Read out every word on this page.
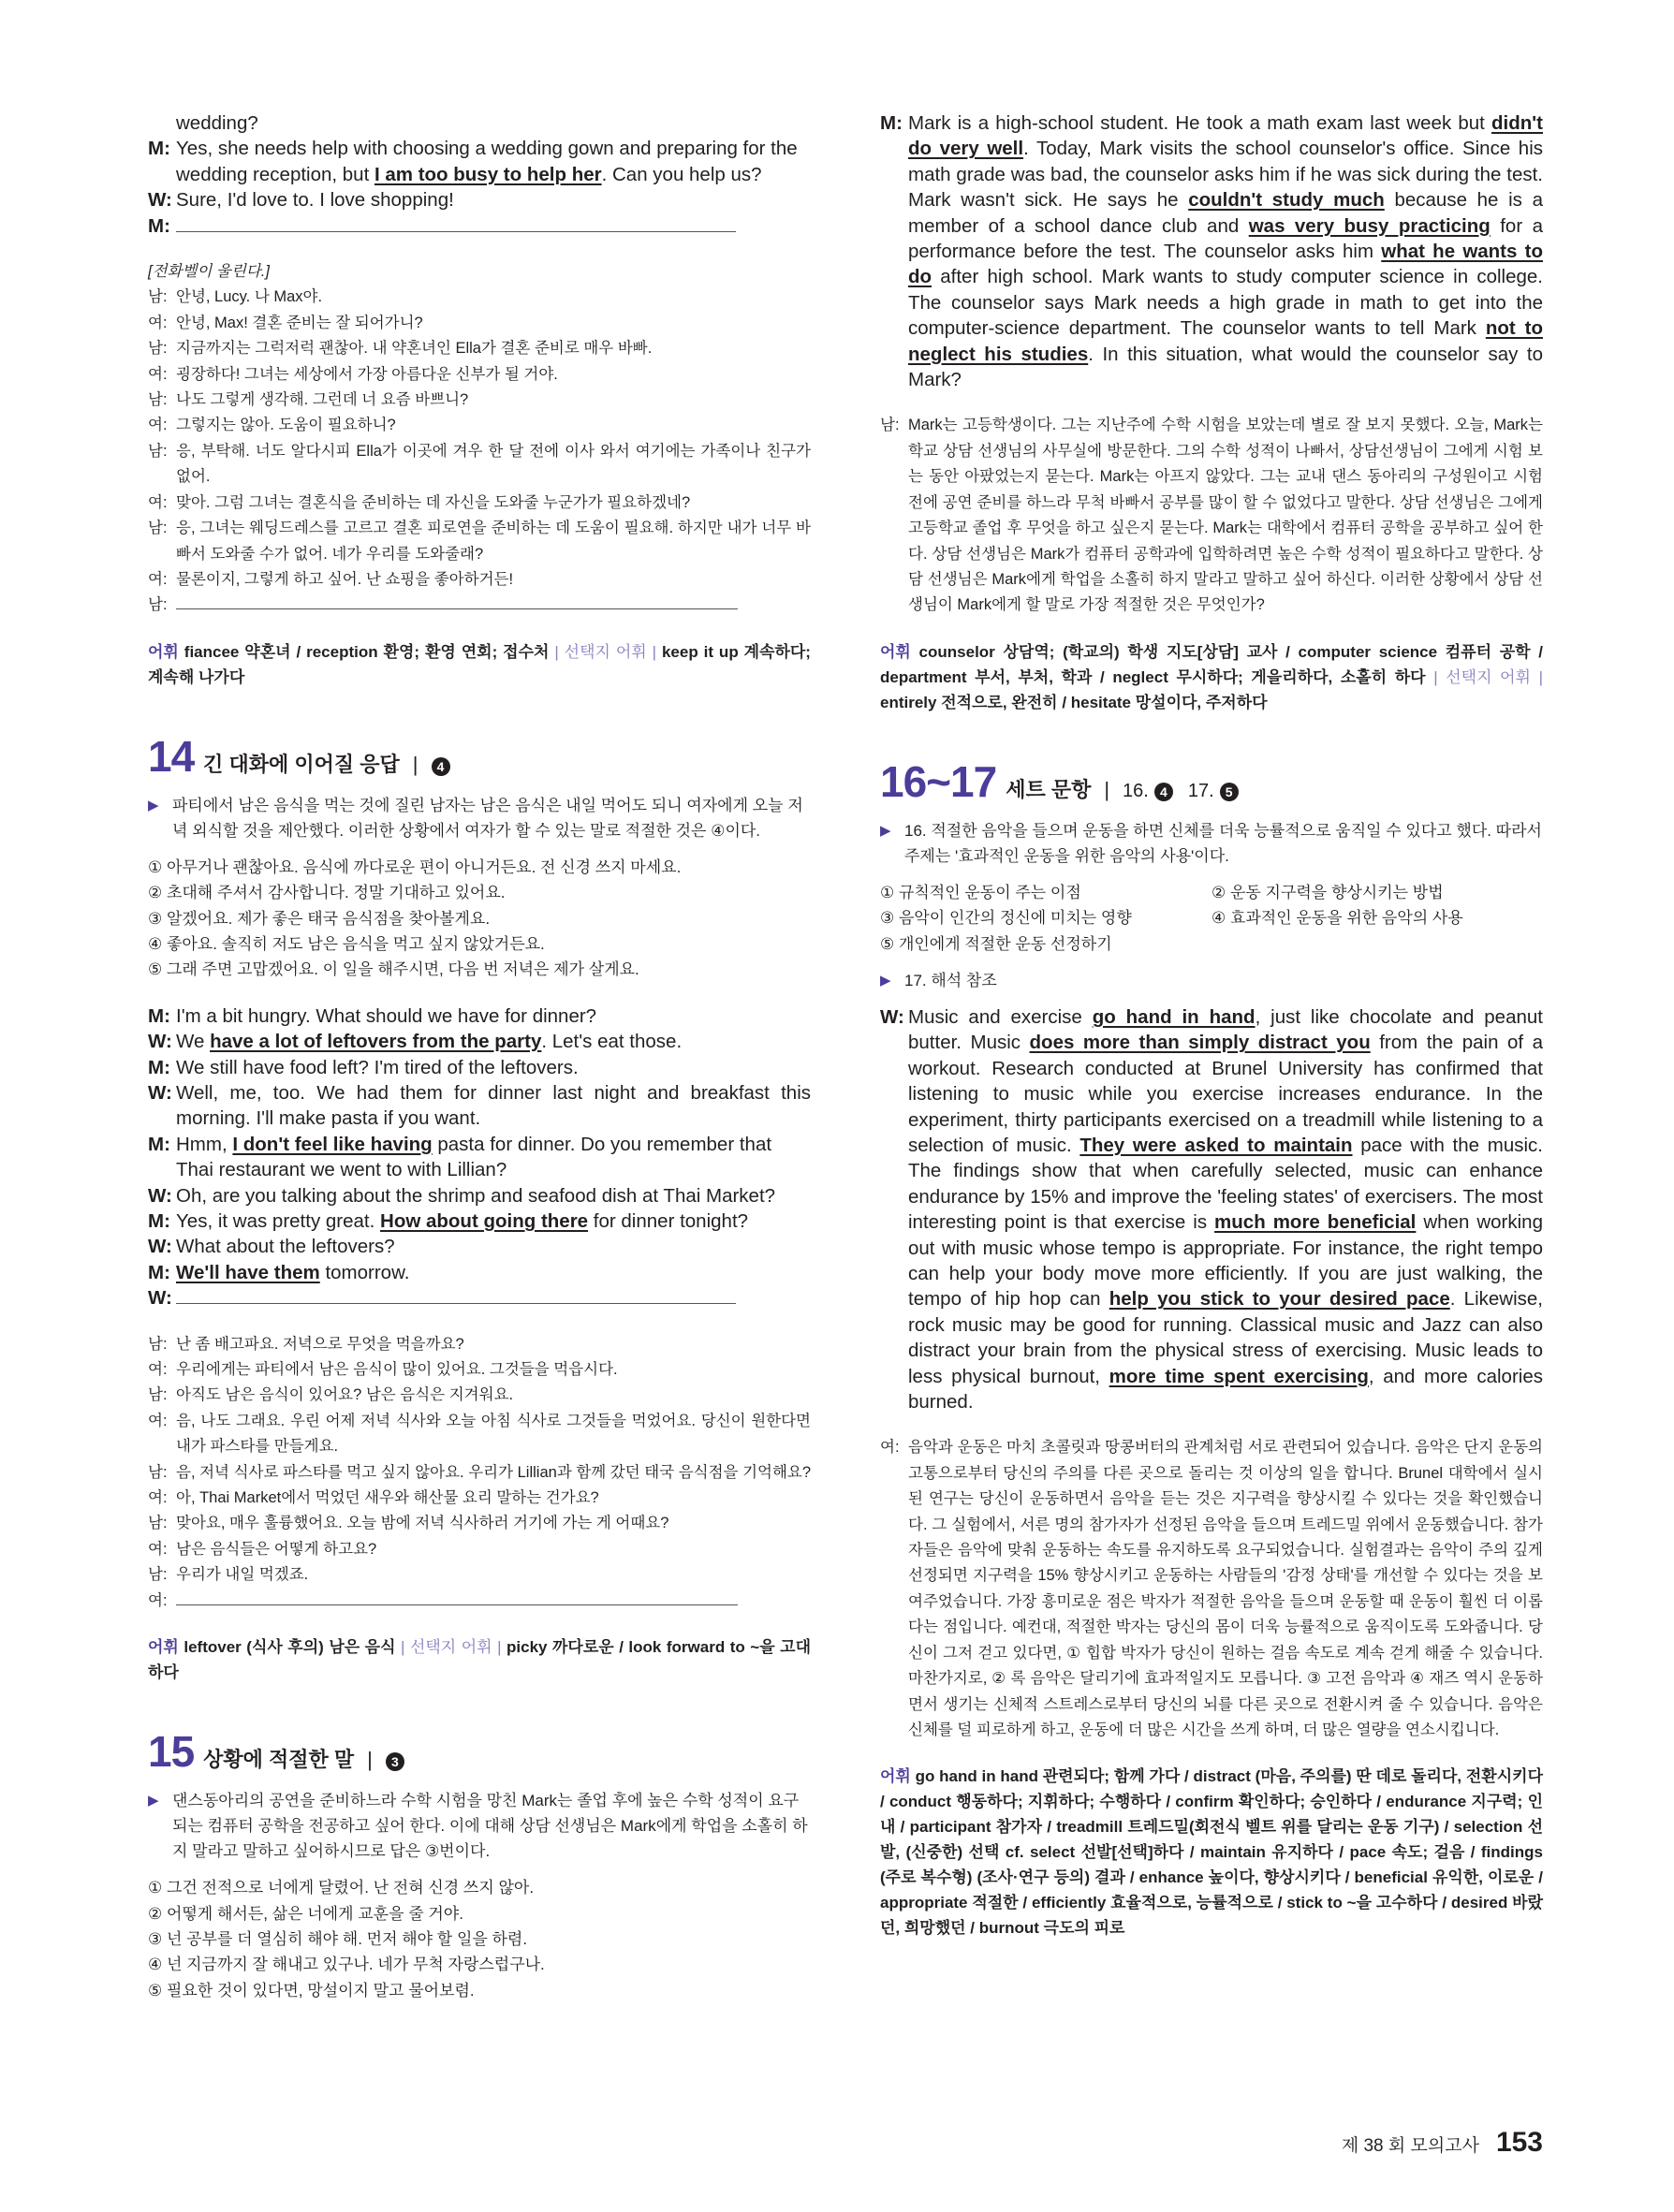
wedding?
M: Yes, she needs help with choosing a wedding gown and preparing for the wedding reception, but I am too busy to help her. Can you help us?
W: Sure, I'd love to. I love shopping!
M:
[전화벨이 울린다.]
남: 안녕, Lucy. 나 Max야.
여: 안녕, Max! 결혼 준비는 잘 되어가니?
남: 지금까지는 그럭저럭 괜찮아. 내 약혼녀인 Ella가 결혼 준비로 매우 바빠.
여: 굉장하다! 그녀는 세상에서 가장 아름다운 신부가 될 거야.
남: 나도 그렇게 생각해. 그런데 너 요즘 바쁘니?
여: 그렇지는 않아. 도움이 필요하니?
남: 응, 부탁해. 너도 알다시피 Ella가 이곳에 겨우 한 달 전에 이사 와서 여기에는 가족이나 친구가 없어.
여: 맞아. 그럼 그녀는 결혼식을 준비하는 데 자신을 도와줄 누군가가 필요하겠네?
남: 응, 그녀는 웨딩드레스를 고르고 결혼 피로연을 준비하는 데 도움이 필요해. 하지만 내가 너무 바빠서 도와줄 수가 없어. 네가 우리를 도와줄래?
여: 물론이지, 그렇게 하고 싶어. 난 쇼핑을 좋아하거든!
남:

어휘 fiancee 약혼녀 / reception 환영; 환영 연회; 접수처 | 선택지 어휘 | keep it up 계속하다; 계속해 나가다

14 긴 대화에 이어질 응답 |	4
▶ 파티에서 남은 음식을 먹는 것에 질린 남자는 남은 음식은 내일 먹어도 되니 여자에게 오늘 저녁 외식할 것을 제안했다. 이러한 상황에서 여자가 할 수 있는 말로 적절한 것은 ④이다.
① 아무거나 괜찮아요. 음식에 까다로운 편이 아니거든요. 전 신경 쓰지 마세요.
② 초대해 주셔서 감사합니다. 정말 기대하고 있어요.
③ 알겠어요. 제가 좋은 태국 음식점을 찾아볼게요.
④ 좋아요. 솔직히 저도 남은 음식을 먹고 싶지 않았거든요.
⑤ 그래 주면 고맙겠어요. 이 일을 해주시면, 다음 번 저녁은 제가 살게요.
M: I'm a bit hungry. What should we have for dinner?
W: We have a lot of leftovers from the party. Let's eat those.
M: We still have food left? I'm tired of the leftovers.
W: Well, me, too. We had them for dinner last night and breakfast this morning. I'll make pasta if you want.
M: Hmm, I don't feel like having pasta for dinner. Do you remember that Thai restaurant we went to with Lillian?
W: Oh, are you talking about the shrimp and seafood dish at Thai Market?
M: Yes, it was pretty great. How about going there for dinner tonight?
W: What about the leftovers?
M: We'll have them tomorrow.
W:
남: 난 좀 배고파요. 저녁으로 무엇을 먹을까요?
여: 우리에게는 파티에서 남은 음식이 많이 있어요. 그것들을 먹읍시다.
남: 아직도 남은 음식이 있어요? 남은 음식은 지겨워요.
여: 음, 나도 그래요. 우린 어제 저녁 식사와 오늘 아침 식사로 그것들을 먹었어요. 당신이 원한다면 내가 파스타를 만들게요.
남: 음, 저녁 식사로 파스타를 먹고 싶지 않아요. 우리가 Lillian과 함께 갔던 태국 음식점을 기억해요?
여: 아, Thai Market에서 먹었던 새우와 해산물 요리 말하는 건가요?
남: 맞아요, 매우 훌륭했어요. 오늘 밤에 저녁 식사하러 거기에 가는 게 어때요?
여: 남은 음식들은 어떻게 하고요?
남: 우리가 내일 먹겠죠.
여:

어휘 leftover (식사 후의) 남은 음식 | 선택지 어휘 | picky 까다로운 / look forward to ~을 고대하다

15 상황에 적절한 말 |	3
▶ 댄스동아리의 공연을 준비하느라 수학 시험을 망친 Mark는 졸업 후에 높은 수학 성적이 요구되는 컴퓨터 공학을 전공하고 싶어 한다. 이에 대해 상담 선생님은 Mark에게 학업을 소홀히 하지 말라고 말하고 싶어하시므로 답은 ③번이다.
① 그건 전적으로 너에게 달렸어. 난 전혀 신경 쓰지 않아.
② 어떻게 해서든, 삶은 너에게 교훈을 줄 거야.
③ 넌 공부를 더 열심히 해야 해. 먼저 해야 할 일을 하렴.
④ 넌 지금까지 잘 해내고 있구나. 네가 무척 자랑스럽구나.
⑤ 필요한 것이 있다면, 망설이지 말고 물어보렴.
M: Mark is a high-school student. He took a math exam last week but didn't do very well. Today, Mark visits the school counselor's office. Since his math grade was bad, the counselor asks him if he was sick during the test. Mark wasn't sick. He says he couldn't study much because he is a member of a school dance club and was very busy practicing for a performance before the test. The counselor asks him what he wants to do after high school. Mark wants to study computer science in college. The counselor says Mark needs a high grade in math to get into the computer-science department. The counselor wants to tell Mark not to neglect his studies. In this situation, what would the counselor say to Mark?
남: Mark는 고등학생이다. 그는 지난주에 수학 시험을 보았는데 별로 잘 보지 못했다. 오늘, Mark는 학교 상담 선생님의 사무실에 방문한다. 그의 수학 성적이 나빠서, 상담선생님이 그에게 시험 보는 동안 아팠었는지 묻는다. Mark는 아프지 않았다. 그는 교내 댄스 동아리의 구성원이고 시험 전에 공연 준비를 하느라 무척 바빠서 공부를 많이 할 수 없었다고 말한다. 상담 선생님은 그에게 고등학교 졸업 후 무엇을 하고 싶은지 묻는다. Mark는 대학에서 컴퓨터 공학을 공부하고 싶어 한다. 상담 선생님은 Mark가 컴퓨터 공학과에 입학하려면 높은 수학 성적이 필요하다고 말한다. 상담 선생님은 Mark에게 학업을 소홀히 하지 말라고 말하고 싶어 하신다. 이러한 상황에서 상담 선생님이 Mark에게 할 말로 가장 적절한 것은 무엇인가?

어휘 counselor 상담역; (학교의) 학생 지도[상담] 교사 / computer science 컴퓨터 공학 / department 부서, 부처, 학과 / neglect 무시하다; 게을리하다, 소홀히 하다 | 선택지 어휘 | entirely 전적으로, 완전히 / hesitate 망설이다, 주저하다

16~17 세트 문항 | 16. 4	17. 5
▶ 16. 적절한 음악을 들으며 운동을 하면 신체를 더욱 능률적으로 움직일 수 있다고 했다. 따라서 주제는 '효과적인 운동을 위한 음악의 사용'이다.
① 규칙적인 운동이 주는 이점	② 운동 지구력을 향상시키는 방법
③ 음악이 인간의 정신에 미치는 영향	④ 효과적인 운동을 위한 음악의 사용
⑤ 개인에게 적절한 운동 선정하기
▶ 17. 해석 참조
W: Music and exercise go hand in hand, just like chocolate and peanut butter. Music does more than simply distract you from the pain of a workout. Research conducted at Brunel University has confirmed that listening to music while you exercise increases endurance. In the experiment, thirty participants exercised on a treadmill while listening to a selection of music. They were asked to maintain pace with the music. The findings show that when carefully selected, music can enhance endurance by 15% and improve the 'feeling states' of exercisers. The most interesting point is that exercise is much more beneficial when working out with music whose tempo is appropriate. For instance, the right tempo can help your body move more efficiently. If you are just walking, the tempo of hip hop can help you stick to your desired pace. Likewise, rock music may be good for running. Classical music and Jazz can also distract your brain from the physical stress of exercising. Music leads to less physical burnout, more time spent exercising, and more calories burned.
여: 음악과 운동은 마치 초콜릿과 땅콩버터의 관계처럼 서로 관련되어 있습니다. 음악은 단지 운동의 고통으로부터 당신의 주의를 다른 곳으로 돌리는 것 이상의 일을 합니다. Brunel 대학에서 실시된 연구는 당신이 운동하면서 음악을 듣는 것은 지구력을 향상시킬 수 있다는 것을 확인했습니다. 그 실험에서, 서른 명의 참가자가 선정된 음악을 들으며 트레드밀 위에서 운동했습니다. 참가자들은 음악에 맞춰 운동하는 속도를 유지하도록 요구되었습니다. 실험결과는 음악이 주의 깊게 선정되면 지구력을 15% 향상시키고 운동하는 사람들의 '감정 상태'를 개선할 수 있다는 것을 보여주었습니다. 가장 흥미로운 점은 박자가 적절한 음악을 들으며 운동할 때 운동이 훨씬 더 이롭다는 점입니다. 예컨대, 적절한 박자는 당신의 몸이 더욱 능률적으로 움직이도록 도와줍니다. 당신이 그저 걷고 있다면, ① 힙합 박자가 당신이 원하는 걸음 속도로 계속 걷게 해줄 수 있습니다. 마찬가지로, ② 록 음악은 달리기에 효과적일지도 모릅니다. ③ 고전 음악과 ④ 재즈 역시 운동하면서 생기는 신체적 스트레스로부터 당신의 뇌를 다른 곳으로 전환시켜 줄 수 있습니다. 음악은 신체를 덜 피로하게 하고, 운동에 더 많은 시간을 쓰게 하며, 더 많은 열량을 연소시킵니다.

어휘 go hand in hand 관련되다; 함께 가다 / distract (마음, 주의를) 딴 데로 돌리다, 전환시키다 / conduct 행동하다; 지휘하다; 수행하다 / confirm 확인하다; 승인하다 / endurance 지구력; 인내 / participant 참가자 / treadmill 트레드밀(회전식 벨트 위를 달리는 운동 기구) / selection 선발, (신중한) 선택 cf. select 선발[선택]하다 / maintain 유지하다 / pace 속도; 걸음 / findings (주로 복수형) (조사·연구 등의) 결과 / enhance 높이다, 향상시키다 / beneficial 유익한, 이로운 / appropriate 적절한 / efficiently 효율적으로, 능률적으로 / stick to ~을 고수하다 / desired 바랐던, 희망했던 / burnout 극도의 피로

제 38 회 모의고사 153
